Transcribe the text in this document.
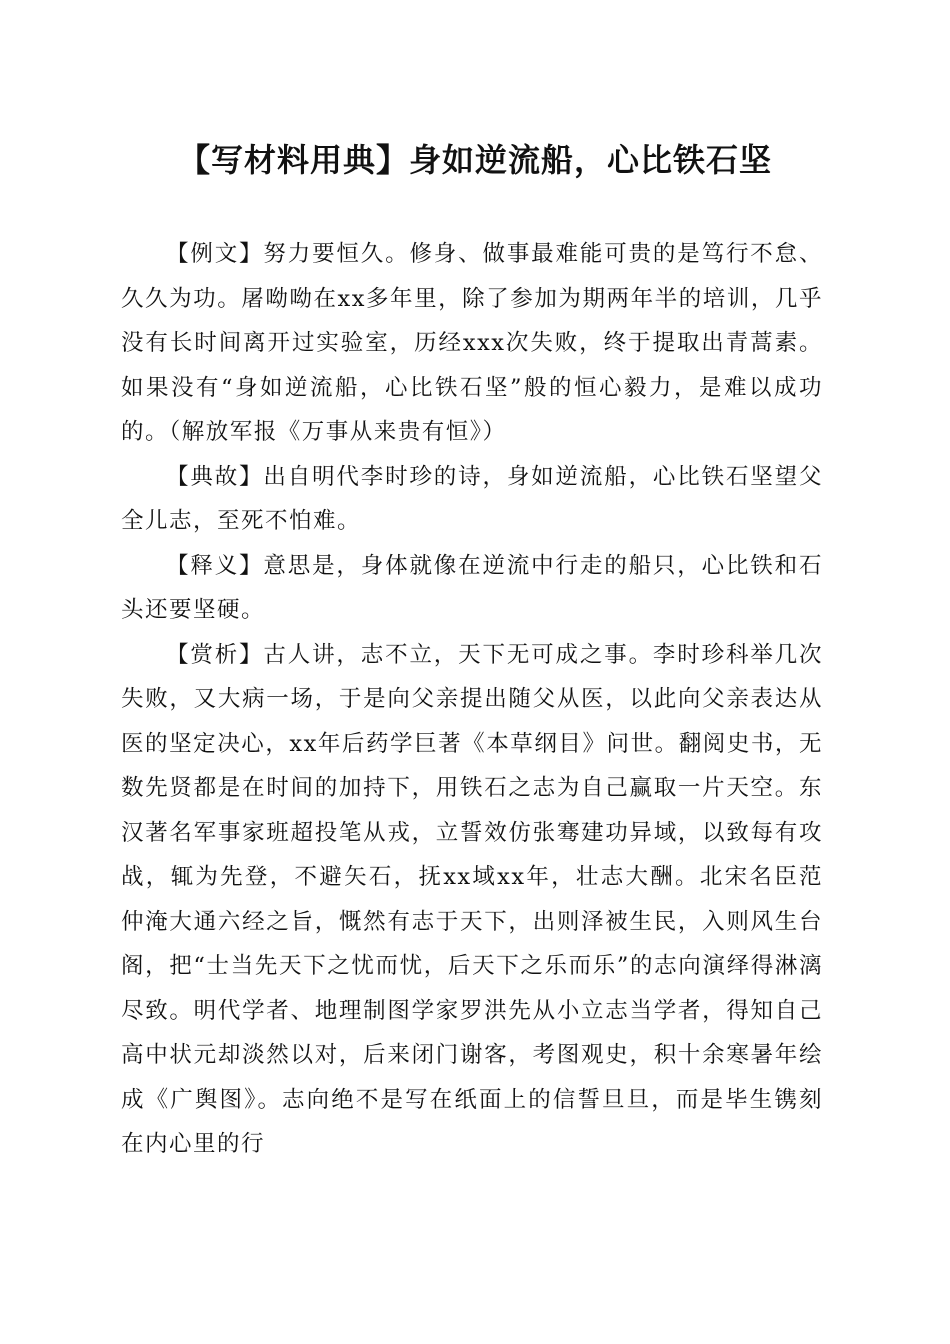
【写材料用典】身如逆流船，心比铁石坚

【例文】努力要恒久。修身、做事最难能可贵的是笃行不怠、久久为功。屠呦呦在xx多年里，除了参加为期两年半的培训，几乎没有长时间离开过实验室，历经xxx次失败，终于提取出青蒿素。如果没有“身如逆流船，心比铁石坚”般的恒心毅力，是难以成功的。（解放军报《万事从来贵有恒》）

【典故】出自明代李时珍的诗，身如逆流船，心比铁石坚望父全儿志，至死不怕难。

【释义】意思是，身体就像在逆流中行走的船只，心比铁和石头还要坚硬。

【赏析】古人讲，志不立，天下无可成之事。李时珍科举几次失败，又大病一场，于是向父亲提出随父从医，以此向父亲表达从医的坚定决心，xx年后药学巨著《本草纲目》问世。翻阅史书，无数先贤都是在时间的加持下，用铁石之志为自己赢取一片天空。东汉著名军事家班超投笔从戎，立誓效仿张骞建功异域，以致每有攻战，辄为先登，不避矢石，抚xx域xx年，壮志大酬。北宋名臣范仲淹大通六经之旨，慨然有志于天下，出则泽被生民，入则风生台阁，把“士当先天下之忧而忧，后天下之乐而乐”的志向演绎得淋漓尽致。明代学者、地理制图学家罗洪先从小立志当学者，得知自己高中状元却淡然以对，后来闭门谢客，考图观史，积十余寒暑年绘成《广舆图》。志向绝不是写在纸面上的信誓旦旦，而是毕生镌刻在内心里的行
